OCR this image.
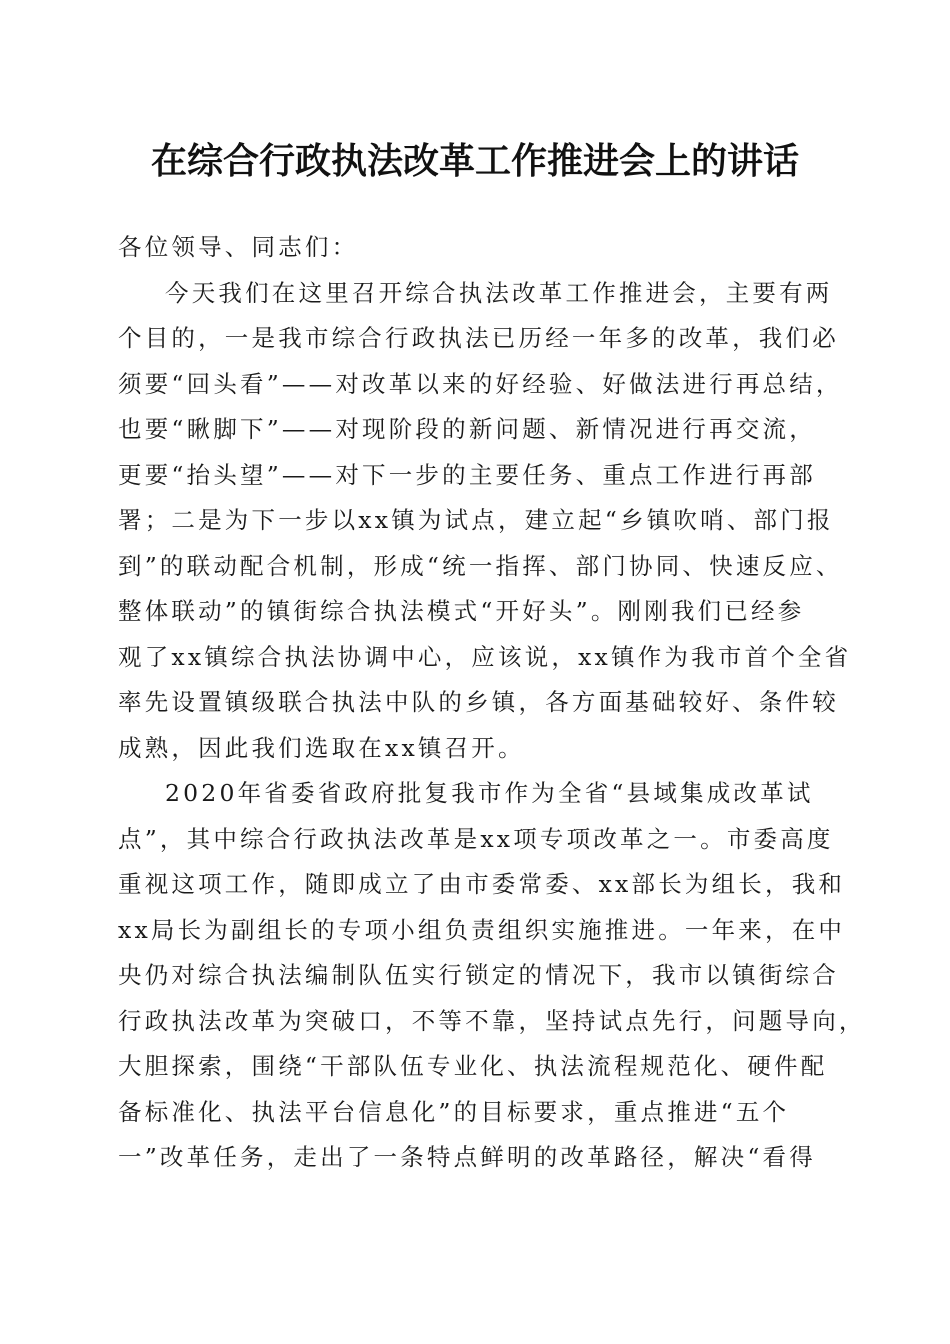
在综合行政执法改革工作推进会上的讲话
各位领导、同志们：
今天我们在这里召开综合执法改革工作推进会，主要有两
个目的，一是我市综合行政执法已历经一年多的改革，我们必
须要“回头看”——对改革以来的好经验、好做法进行再总结，
也要“瞅脚下”——对现阶段的新问题、新情况进行再交流，
更要“抬头望”——对下一步的主要任务、重点工作进行再部
署；二是为下一步以xx镇为试点，建立起“乡镇吹哨、部门报
到”的联动配合机制，形成“统一指挥、部门协同、快速反应、
整体联动”的镇街综合执法模式“开好头”。刚刚我们已经参
观了xx镇综合执法协调中心，应该说，xx镇作为我市首个全省
率先设置镇级联合执法中队的乡镇，各方面基础较好、条件较
成熟，因此我们选取在xx镇召开。
2020年省委省政府批复我市作为全省“县域集成改革试
点”，其中综合行政执法改革是xx项专项改革之一。市委高度
重视这项工作，随即成立了由市委常委、xx部长为组长，我和
xx局长为副组长的专项小组负责组织实施推进。一年来，在中
央仍对综合执法编制队伍实行锁定的情况下，我市以镇街综合
行政执法改革为突破口，不等不靠，坚持试点先行，问题导向，
大胆探索，围绕“干部队伍专业化、执法流程规范化、硬件配
备标准化、执法平台信息化”的目标要求，重点推进“五个
一”改革任务，走出了一条特点鲜明的改革路径，解决“看得
